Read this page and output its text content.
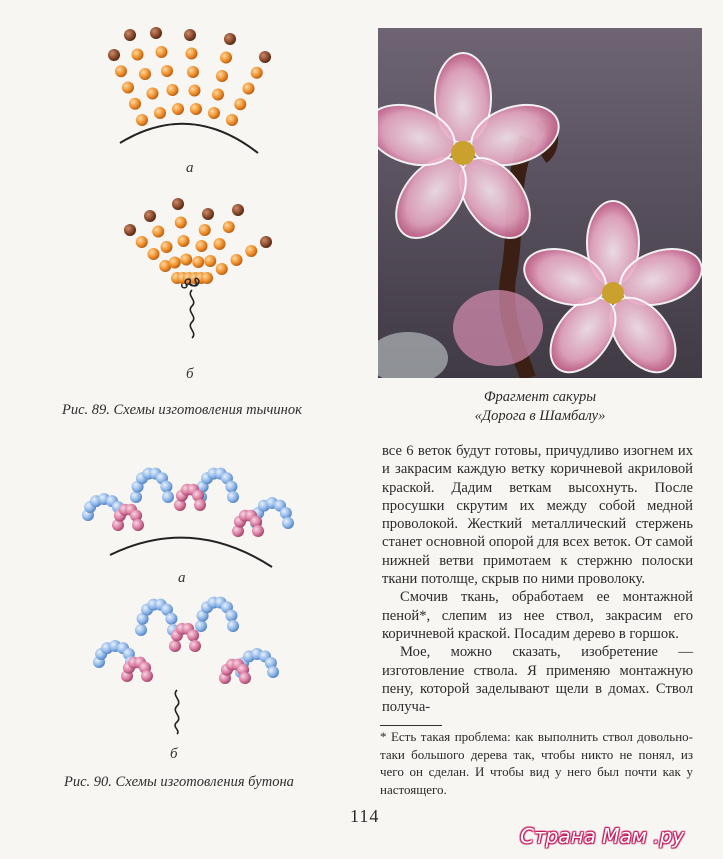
а
б
Рис. 89. Схемы изготовления тычинок
а
б
Рис. 90. Схемы изготовления бутона
Фрагмент сакуры
«Дорога в Шамбалу»

все 6 веток будут готовы, причудливо изогнем их и закрасим каждую ветку коричневой акриловой краской. Дадим веткам высохнуть. После просушки скрутим их между собой медной проволокой. Жесткий металлический стержень станет основной опорой для всех веток. От самой нижней ветви примотаем к стержню полоски ткани потолще, скрыв по ними проволоку.

Смочив ткань, обработаем ее монтажной пеной*, слепим из нее ствол, закрасим его коричневой краской. Посадим дерево в горшок.

Мое, можно сказать, изобретение — изготовление ствола. Я применяю монтажную пену, которой заделывают щели в домах. Ствол получа-

* Есть такая проблема: как выполнить ствол довольно-таки большого дерева так, чтобы никто не понял, из чего он сделан. И чтобы вид у него был почти как у настоящего.
114
Страна Мам .ру
